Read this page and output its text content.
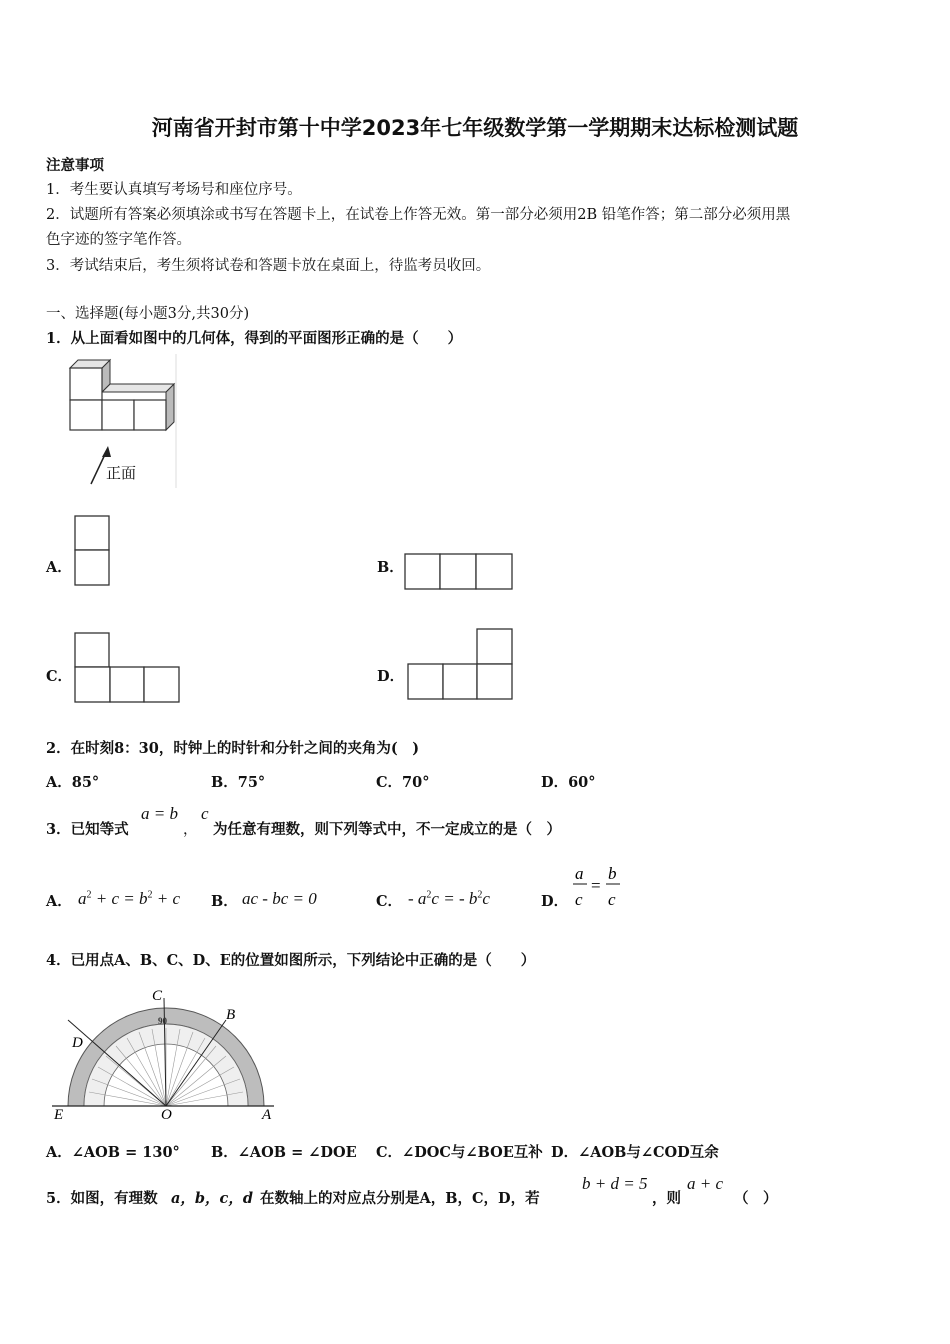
河南省开封市第十中学2023年七年级数学第一学期期末达标检测试题
注意事项
1．考生要认真填写考场号和座位序号。
2．试题所有答案必须填涂或书写在答题卡上，在试卷上作答无效。第一部分必须用2B 铅笔作答；第二部分必须用黑
色字迹的签字笔作答。
3．考试结束后，考生须将试卷和答题卡放在桌面上，待监考员收回。
一、选择题(每小题3分,共30分)
1．从上面看如图中的几何体，得到的平面图形正确的是（　　）
正面
A．	B．
C．	D．
2．在时刻8：30，时钟上的时针和分针之间的夹角为(　)
A．85°	B．75°	C．70°	D．60°
3．已知等式
a = b
，
c
为任意有理数，则下列等式中，不一定成立的是（　）
A． $a^2 + c = b^2 + c$ B． ac - bc = 0	C． - $a^2c$ = - $b^2c$	D．
a
c
=
b
c
4．已用点A、B、C、D、E的位置如图所示，下列结论中正确的是（　　）
90
C
B
D
E	O	A
A．∠AOB = 130° B．∠AOB = ∠DOE C．∠DOC与∠BOE互补 D．∠AOB与∠COD互余
5．如图，有理数 a，b，c，d 在数轴上的对应点分别是A，B，C，D，若
b + d = 5
，则
a + c
（　）
